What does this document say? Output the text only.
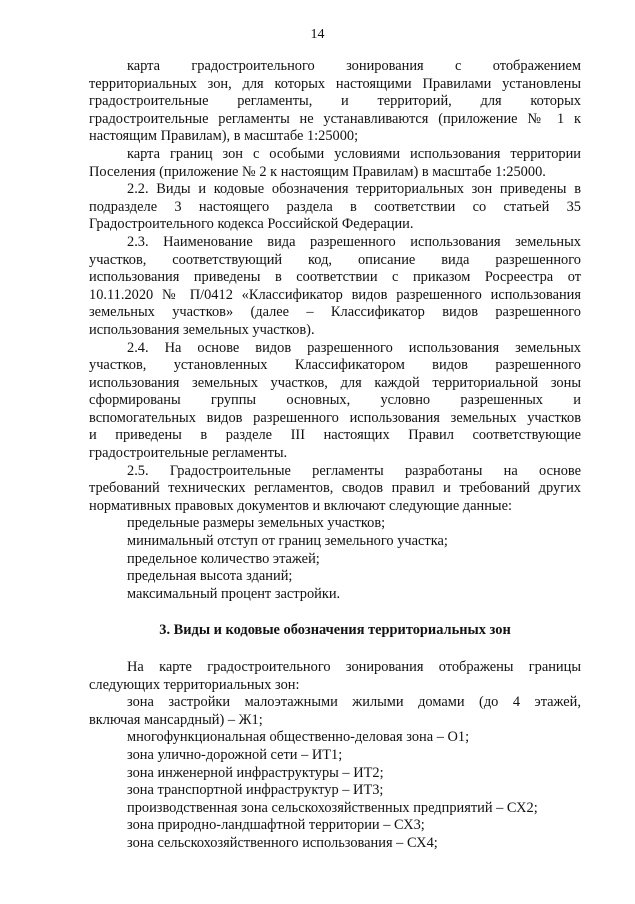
14

карта градостроительного зонирования с отображением

территориальных зон, для которых настоящими Правилами установлены

градостроительные регламенты, и территорий, для которых

градостроительные регламенты не устанавливаются (приложение № 1 к

настоящим Правилам), в масштабе 1:25000;

карта границ зон с особыми условиями использования территории

Поселения (приложение № 2 к настоящим Правилам) в масштабе 1:25000.

2.2. Виды и кодовые обозначения территориальных зон приведены в

подразделе 3 настоящего раздела в соответствии со статьей 35

Градостроительного кодекса Российской Федерации.

2.3. Наименование вида разрешенного использования земельных

участков, соответствующий код, описание вида разрешенного

использования приведены в соответствии с приказом Росреестра от

10.11.2020 № П/0412 «Классификатор видов разрешенного использования

земельных участков» (далее – Классификатор видов разрешенного

использования земельных участков).

2.4. На основе видов разрешенного использования земельных

участков, установленных Классификатором видов разрешенного

использования земельных участков, для каждой территориальной зоны

сформированы группы основных, условно разрешенных и

вспомогательных видов разрешенного использования земельных участков

и приведены в разделе III настоящих Правил соответствующие

градостроительные регламенты.

2.5. Градостроительные регламенты разработаны на основе

требований технических регламентов, сводов правил и требований других

нормативных правовых документов и включают следующие данные:

предельные размеры земельных участков;

минимальный отступ от границ земельного участка;

предельное количество этажей;

предельная высота зданий;

максимальный процент застройки.

3. Виды и кодовые обозначения территориальных зон

На карте градостроительного зонирования отображены границы

следующих территориальных зон:

зона застройки малоэтажными жилыми домами (до 4 этажей,

включая мансардный) – Ж1;

многофункциональная общественно-деловая зона – О1;

зона улично-дорожной сети – ИТ1;

зона инженерной инфраструктуры – ИТ2;

зона транспортной инфраструктур – ИТ3;

производственная зона сельскохозяйственных предприятий – СХ2;

зона природно-ландшафтной территории – СХ3;

зона сельскохозяйственного использования – СХ4;
